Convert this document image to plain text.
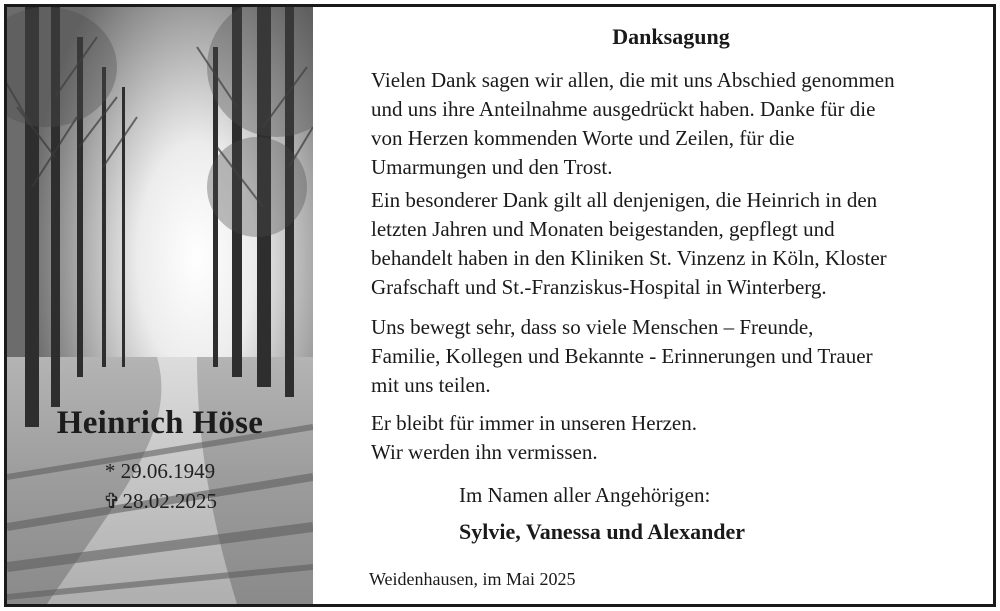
Heinrich Höse
* 29.06.1949
✞28.02.2025
Danksagung
Vielen Dank sagen wir allen, die mit uns Abschied genommen
und uns ihre Anteilnahme ausgedrückt haben. Danke für die
von Herzen kommenden Worte und Zeilen, für die
Umarmungen und den Trost.
Ein besonderer Dank gilt all denjenigen, die Heinrich in den
letzten Jahren und Monaten beigestanden, gepflegt und
behandelt haben in den Kliniken St. Vinzenz in Köln, Kloster
Grafschaft und St.-Franziskus-Hospital in Winterberg.
Uns bewegt sehr, dass so viele Menschen – Freunde,
Familie, Kollegen und Bekannte - Erinnerungen und Trauer
mit uns teilen.
Er bleibt für immer in unseren Herzen.
Wir werden ihn vermissen.
Im Namen aller Angehörigen:
Sylvie, Vanessa und Alexander
Weidenhausen, im Mai 2025
